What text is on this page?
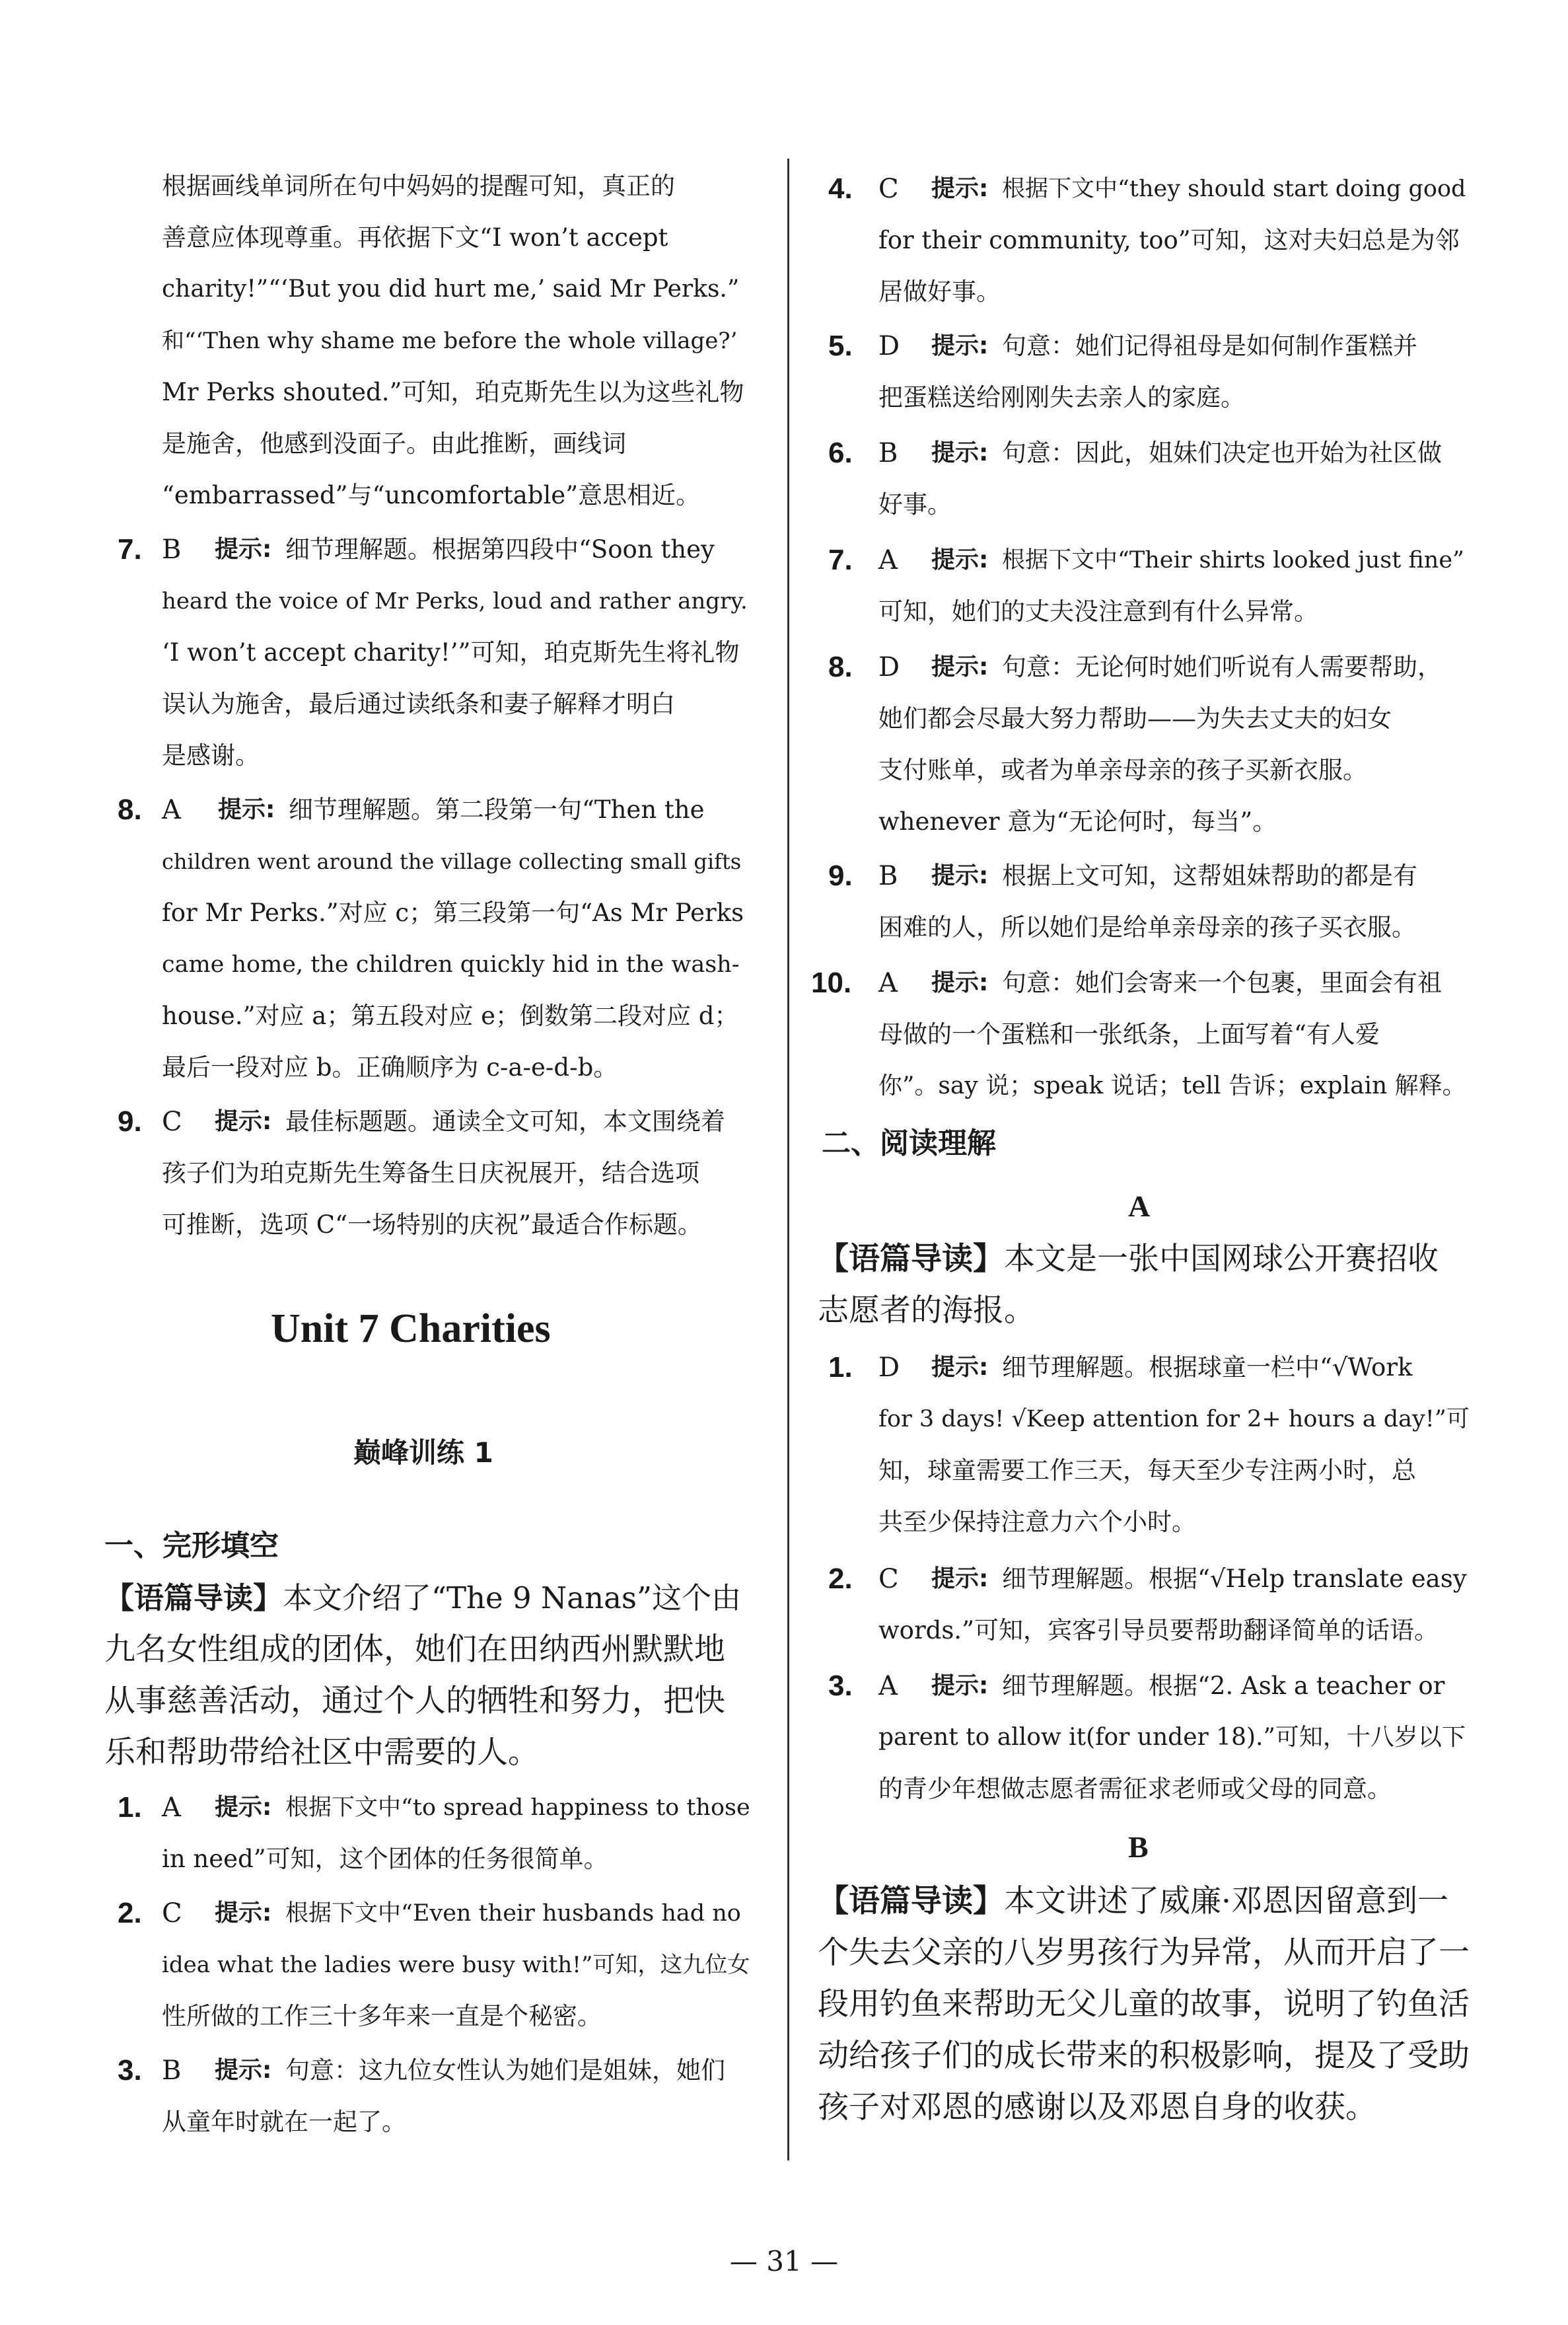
根据画线单词所在句中妈妈的提醒可知，真正的
善意应体现尊重。再依据下文“I won’t accept
charity!”“‘But you did hurt me,’ said Mr Perks.”
和“‘Then why shame me before the whole village?’
Mr Perks shouted.”可知，珀克斯先生以为这些礼物
是施舍，他感到没面子。由此推断，画线词
“embarrassed”与“uncomfortable”意思相近。
7. B 提示: 细节理解题。根据第四段中“Soon they
heard the voice of Mr Perks, loud and rather angry.
‘I won’t accept charity!’”可知，珀克斯先生将礼物
误认为施舍，最后通过读纸条和妻子解释才明白
是感谢。
8. A 提示: 细节理解题。第二段第一句“Then the
children went around the village collecting small gifts
for Mr Perks.”对应 c；第三段第一句“As Mr Perks
came home, the children quickly hid in the wash-
house.”对应 a；第五段对应 e；倒数第二段对应 d；
最后一段对应 b。正确顺序为 c-a-e-d-b。
9. C 提示: 最佳标题题。通读全文可知，本文围绕着
孩子们为珀克斯先生筹备生日庆祝展开，结合选项
可推断，选项 C“一场特别的庆祝”最适合作标题。
Unit 7 Charities
巅峰训练 1
一、完形填空
【语篇导读】本文介绍了“The 9 Nanas”这个由
九名女性组成的团体，她们在田纳西州默默地
从事慈善活动，通过个人的牺牲和努力，把快
乐和帮助带给社区中需要的人。
1. A 提示: 根据下文中“to spread happiness to those
in need”可知，这个团体的任务很简单。
2. C 提示: 根据下文中“Even their husbands had no
idea what the ladies were busy with!”可知，这九位女
性所做的工作三十多年来一直是个秘密。
3. B 提示: 句意：这九位女性认为她们是姐妹，她们
从童年时就在一起了。
4. C 提示: 根据下文中“they should start doing good
for their community, too”可知，这对夫妇总是为邻
居做好事。
5. D 提示: 句意：她们记得祖母是如何制作蛋糕并
把蛋糕送给刚刚失去亲人的家庭。
6. B 提示: 句意：因此，姐妹们决定也开始为社区做
好事。
7. A 提示: 根据下文中“Their shirts looked just fine”
可知，她们的丈夫没注意到有什么异常。
8. D 提示: 句意：无论何时她们听说有人需要帮助，
她们都会尽最大努力帮助——为失去丈夫的妇女
支付账单，或者为单亲母亲的孩子买新衣服。
whenever 意为“无论何时，每当”。
9. B 提示: 根据上文可知，这帮姐妹帮助的都是有
困难的人，所以她们是给单亲母亲的孩子买衣服。
10. A 提示: 句意：她们会寄来一个包裹，里面会有祖
母做的一个蛋糕和一张纸条，上面写着“有人爱
你”。say 说；speak 说话；tell 告诉；explain 解释。
二、阅读理解
A
【语篇导读】本文是一张中国网球公开赛招收
志愿者的海报。
1. D 提示: 细节理解题。根据球童一栏中“√Work
for 3 days! √Keep attention for 2+ hours a day!”可
知，球童需要工作三天，每天至少专注两小时，总
共至少保持注意力六个小时。
2. C 提示: 细节理解题。根据“√Help translate easy
words.”可知，宾客引导员要帮助翻译简单的话语。
3. A 提示: 细节理解题。根据“2. Ask a teacher or
parent to allow it(for under 18).”可知，十八岁以下
的青少年想做志愿者需征求老师或父母的同意。
B
【语篇导读】本文讲述了威廉·邓恩因留意到一
个失去父亲的八岁男孩行为异常，从而开启了一
段用钓鱼来帮助无父儿童的故事，说明了钓鱼活
动给孩子们的成长带来的积极影响，提及了受助
孩子对邓恩的感谢以及邓恩自身的收获。
— 31 —
